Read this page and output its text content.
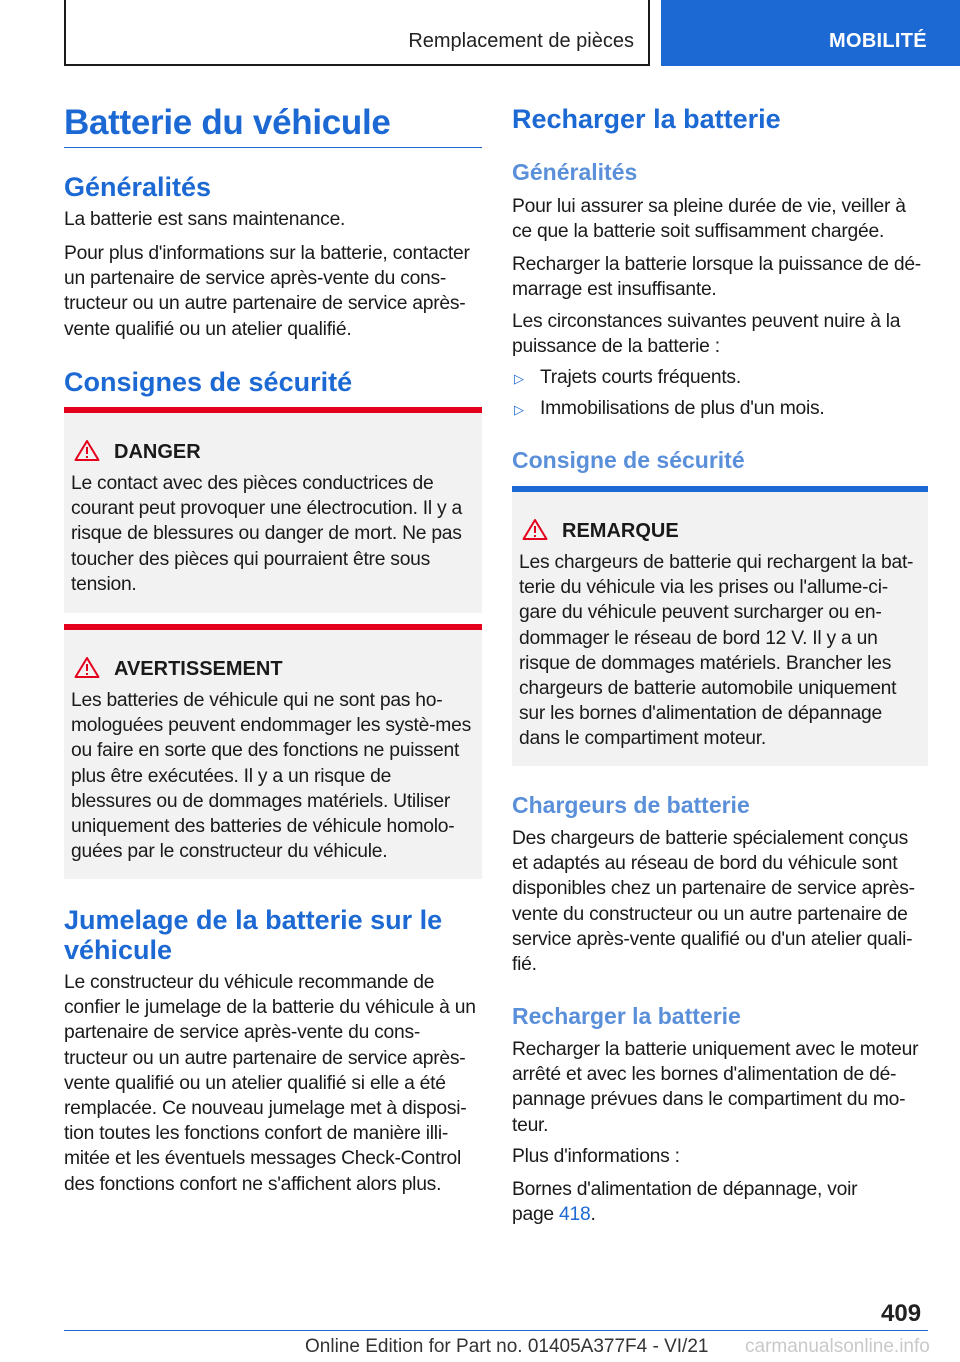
Remplacement de pièces	MOBILITÉ
Batterie du véhicule
Généralités
La batterie est sans maintenance.
Pour plus d'informations sur la batterie, contacter un partenaire de service après-vente du cons-tructeur ou un autre partenaire de service après-vente qualifié ou un atelier qualifié.
Consignes de sécurité
DANGER
Le contact avec des pièces conductrices de courant peut provoquer une électrocution. Il y a risque de blessures ou danger de mort. Ne pas toucher des pièces qui pourraient être sous tension.
AVERTISSEMENT
Les batteries de véhicule qui ne sont pas ho-mologuées peuvent endommager les systè-mes ou faire en sorte que des fonctions ne puissent plus être exécutées. Il y a un risque de blessures ou de dommages matériels. Utiliser uniquement des batteries de véhicule homolo-guées par le constructeur du véhicule.
Jumelage de la batterie sur le véhicule
Le constructeur du véhicule recommande de confier le jumelage de la batterie du véhicule à un partenaire de service après-vente du cons-tructeur ou un autre partenaire de service après-vente qualifié ou un atelier qualifié si elle a été remplacée. Ce nouveau jumelage met à disposi-tion toutes les fonctions confort de manière illi-mitée et les éventuels messages Check-Control des fonctions confort ne s'affichent alors plus.
Recharger la batterie
Généralités
Pour lui assurer sa pleine durée de vie, veiller à ce que la batterie soit suffisamment chargée.
Recharger la batterie lorsque la puissance de dé-marrage est insuffisante.
Les circonstances suivantes peuvent nuire à la puissance de la batterie :
▷ Trajets courts fréquents.
▷ Immobilisations de plus d'un mois.
Consigne de sécurité
REMARQUE
Les chargeurs de batterie qui rechargent la bat-terie du véhicule via les prises ou l'allume-ci-gare du véhicule peuvent surcharger ou en-dommager le réseau de bord 12 V. Il y a un risque de dommages matériels. Brancher les chargeurs de batterie automobile uniquement sur les bornes d'alimentation de dépannage dans le compartiment moteur.
Chargeurs de batterie
Des chargeurs de batterie spécialement conçus et adaptés au réseau de bord du véhicule sont disponibles chez un partenaire de service après-vente du constructeur ou un autre partenaire de service après-vente qualifié ou d'un atelier quali-fié.
Recharger la batterie
Recharger la batterie uniquement avec le moteur arrêté et avec les bornes d'alimentation de dé-pannage prévues dans le compartiment du mo-teur.
Plus d'informations :
Bornes d'alimentation de dépannage, voir page 418.
409
Online Edition for Part no. 01405A377F4 - VI/21 carmanualsonline.info
